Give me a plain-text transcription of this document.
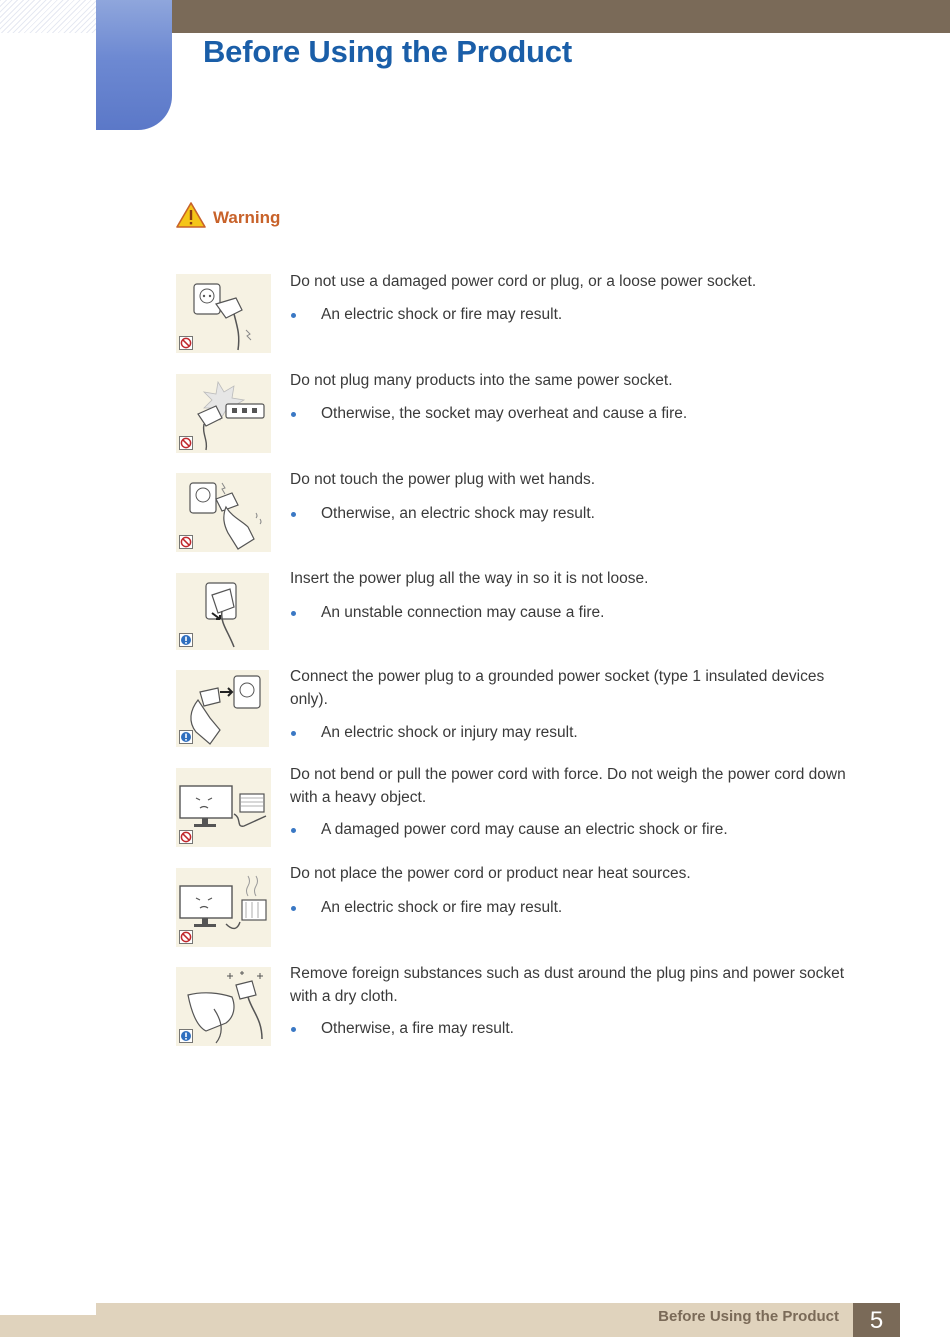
Before Using the Product
Warning
Do not use a damaged power cord or plug, or a loose power socket.
An electric shock or fire may result.
Do not plug many products into the same power socket.
Otherwise, the socket may overheat and cause a fire.
Do not touch the power plug with wet hands.
Otherwise, an electric shock may result.
Insert the power plug all the way in so it is not loose.
An unstable connection may cause a fire.
Connect the power plug to a grounded power socket (type 1 insulated devices only).
An electric shock or injury may result.
Do not bend or pull the power cord with force. Do not weigh the power cord down with a heavy object.
A damaged power cord may cause an electric shock or fire.
Do not place the power cord or product near heat sources.
An electric shock or fire may result.
Remove foreign substances such as dust around the plug pins and power socket with a dry cloth.
Otherwise, a fire may result.
Before Using the Product	5
